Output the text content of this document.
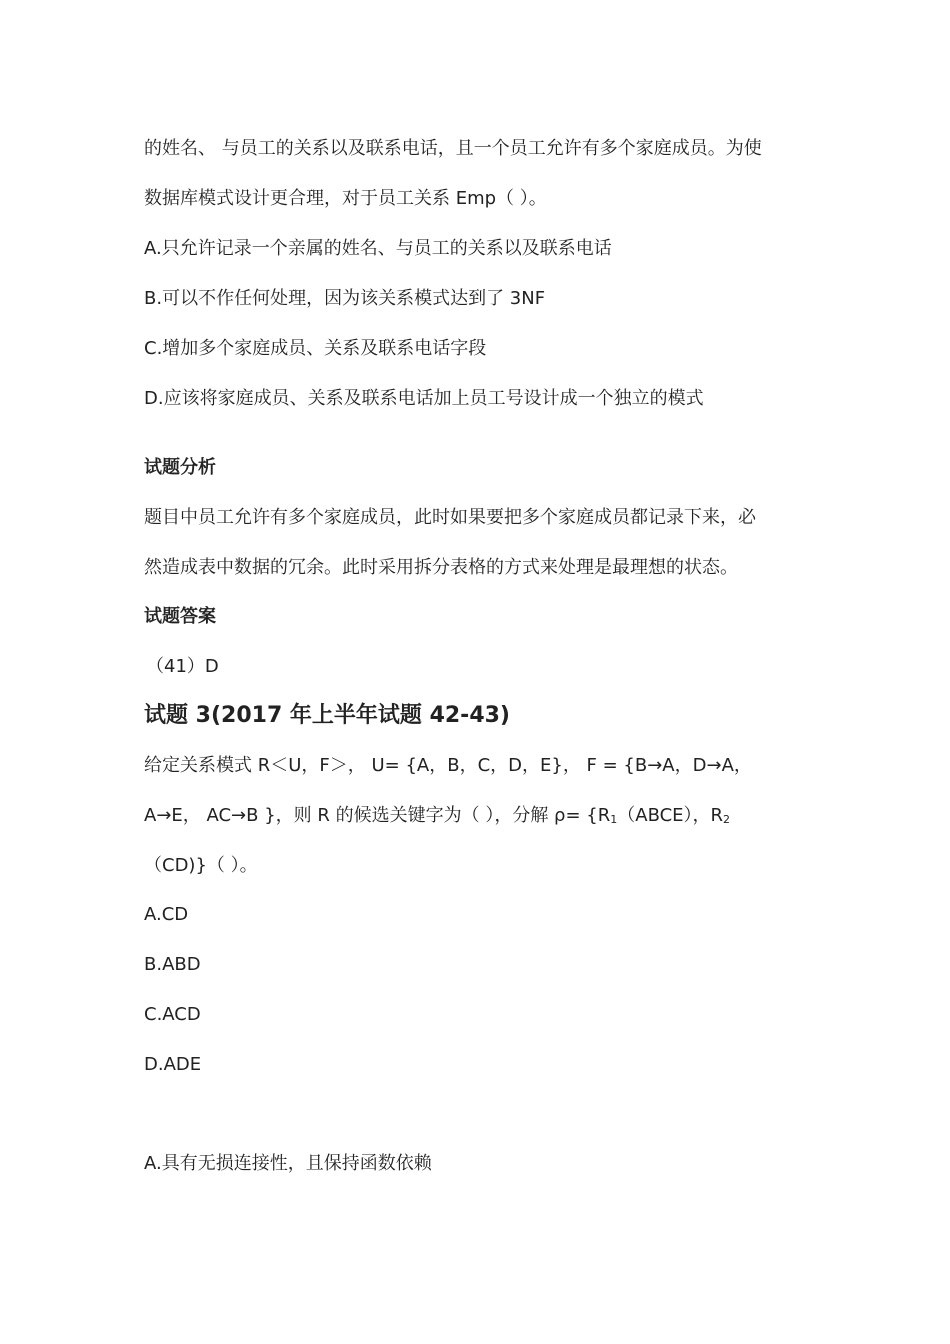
的姓名、 与员工的关系以及联系电话，且一个员工允许有多个家庭成员。为使

数据库模式设计更合理，对于员工关系 Emp（ ）。

A.只允许记录一个亲属的姓名、与员工的关系以及联系电话

B.可以不作任何处理，因为该关系模式达到了 3NF

C.增加多个家庭成员、关系及联系电话字段

D.应该将家庭成员、关系及联系电话加上员工号设计成一个独立的模式

试题分析

题目中员工允许有多个家庭成员，此时如果要把多个家庭成员都记录下来，必

然造成表中数据的冗余。此时采用拆分表格的方式来处理是最理想的状态。

试题答案

（41）D

试题 3(2017 年上半年试题 42-43)

给定关系模式 R＜U，F＞， U= {A，B，C，D，E}， F = {B→A，D→A，

A→E， AC→B }，则 R 的候选关键字为（ ），分解 $\rho= \{R_1(ABCE)$，$R_2$

（CD)}（ ）。

A.CD

B.ABD

C.ACD

D.ADE

A.具有无损连接性，且保持函数依赖
